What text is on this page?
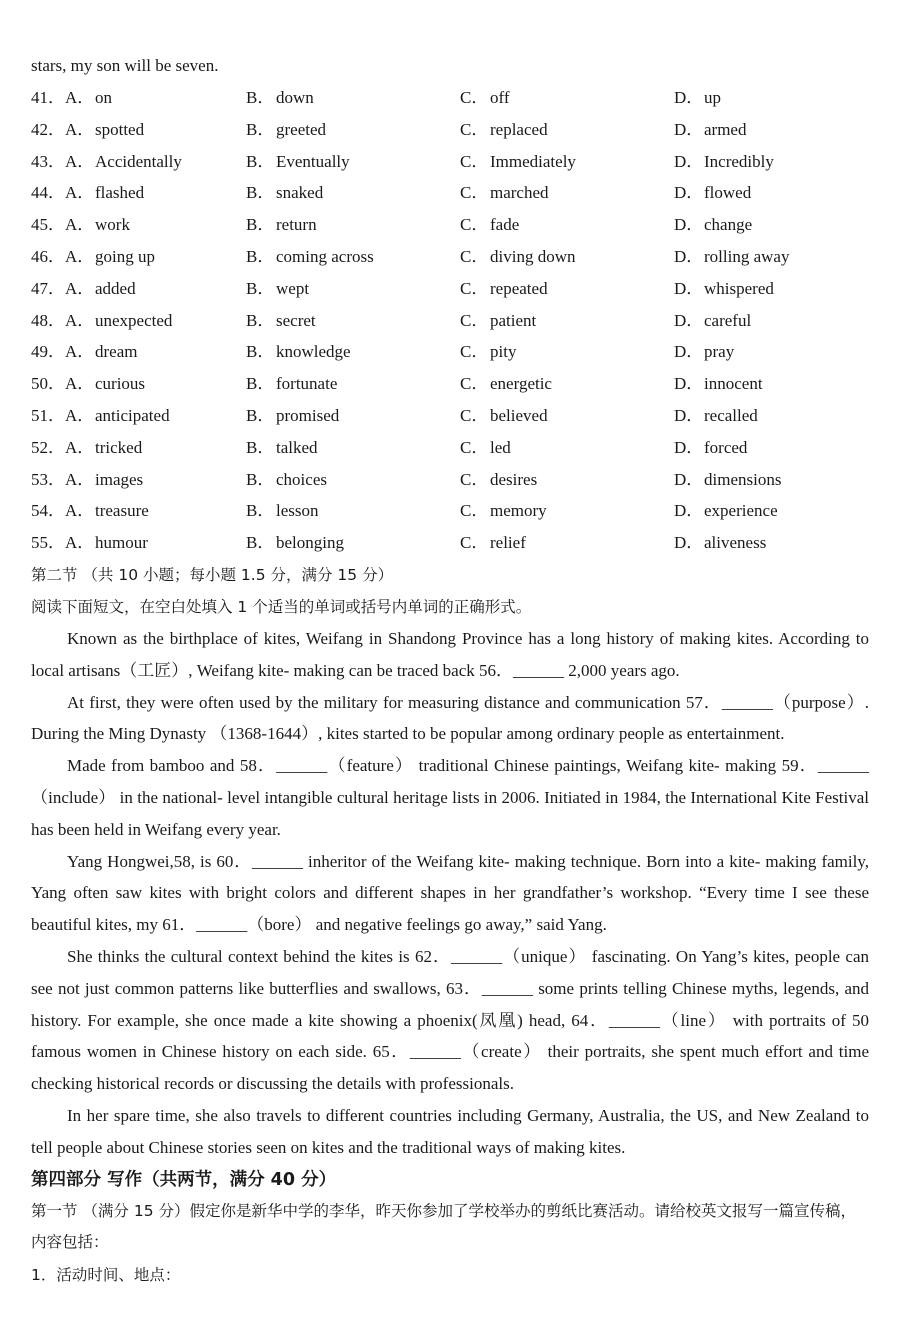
stars, my son will be seven.
41．A．on	B．down	C．off	D．up
42．A．spotted	B．greeted	C．replaced	D．armed
43．A．Accidentally	B．Eventually	C．Immediately	D．Incredibly
44．A．flashed	B．snaked	C．marched	D．flowed
45．A．work	B．return	C．fade	D．change
46．A．going up	B．coming across	C．diving down	D．rolling away
47．A．added	B．wept	C．repeated	D．whispered
48．A．unexpected	B．secret	C．patient	D．careful
49．A．dream	B．knowledge	C．pity	D．pray
50．A．curious	B．fortunate	C．energetic	D．innocent
51．A．anticipated	B．promised	C．believed	D．recalled
52．A．tricked	B．talked	C．led	D．forced
53．A．images	B．choices	C．desires	D．dimensions
54．A．treasure	B．lesson	C．memory	D．experience
55．A．humour	B．belonging	C．relief	D．aliveness
第二节 （共 10 小题；每小题 1.5 分，满分 15 分）
阅读下面短文，在空白处填入 1 个适当的单词或括号内单词的正确形式。

Known as the birthplace of kites, Weifang in Shandong Province has a long history of making kites. According to local artisans（工匠）, Weifang kite- making can be traced back 56．______ 2,000 years ago.

At first, they were often used by the military for measuring distance and communication 57．______（purpose）. During the Ming Dynasty （1368-1644）, kites started to be popular among ordinary people as entertainment.

Made from bamboo and 58．______（feature） traditional Chinese paintings, Weifang kite- making 59．______（include） in the national- level intangible cultural heritage lists in 2006. Initiated in 1984, the International Kite Festival has been held in Weifang every year.

Yang Hongwei,58, is 60．______ inheritor of the Weifang kite- making technique. Born into a kite- making family, Yang often saw kites with bright colors and different shapes in her grandfather’s workshop. “Every time I see these beautiful kites, my 61．______（bore） and negative feelings go away,” said Yang.

She thinks the cultural context behind the kites is 62．______（unique） fascinating. On Yang’s kites, people can see not just common patterns like butterflies and swallows, 63．______ some prints telling Chinese myths, legends, and history. For example, she once made a kite showing a phoenix(凤凰) head, 64．______（line） with portraits of 50 famous women in Chinese history on each side. 65．______（create） their portraits, she spent much effort and time checking historical records or discussing the details with professionals.

In her spare time, she also travels to different countries including Germany, Australia, the US, and New Zealand to tell people about Chinese stories seen on kites and the traditional ways of making kites.

第四部分 写作（共两节，满分 40 分）

第一节 （满分 15 分）假定你是新华中学的李华，昨天你参加了学校举办的剪纸比赛活动。请给校英文报写一篇宣传稿，内容包括：

1．活动时间、地点：
